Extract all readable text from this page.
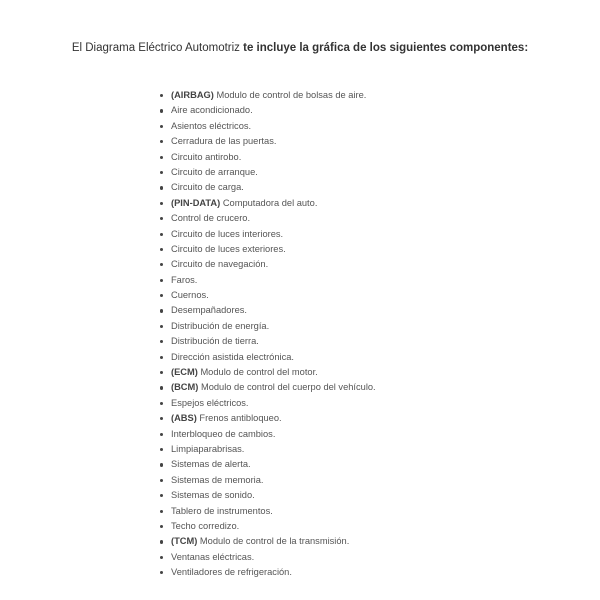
El Diagrama Eléctrico Automotriz te incluye la gráfica de los siguientes componentes:
(AIRBAG) Modulo de control de bolsas de aire.
Aire acondicionado.
Asientos eléctricos.
Cerradura de las puertas.
Circuito antirobo.
Circuito de arranque.
Circuito de carga.
(PIN-DATA) Computadora del auto.
Control de crucero.
Circuito de luces interiores.
Circuito de luces exteriores.
Circuito de navegación.
Faros.
Cuernos.
Desempañadores.
Distribución de energía.
Distribución de tierra.
Dirección asistida electrónica.
(ECM) Modulo de control del motor.
(BCM) Modulo de control del cuerpo del vehículo.
Espejos eléctricos.
(ABS) Frenos antibloqueo.
Interbloqueo de cambios.
Limpiaparabrisas.
Sistemas de alerta.
Sistemas de memoria.
Sistemas de sonido.
Tablero de instrumentos.
Techo corredizo.
(TCM) Modulo de control de la transmisión.
Ventanas eléctricas.
Ventiladores de refrigeración.
